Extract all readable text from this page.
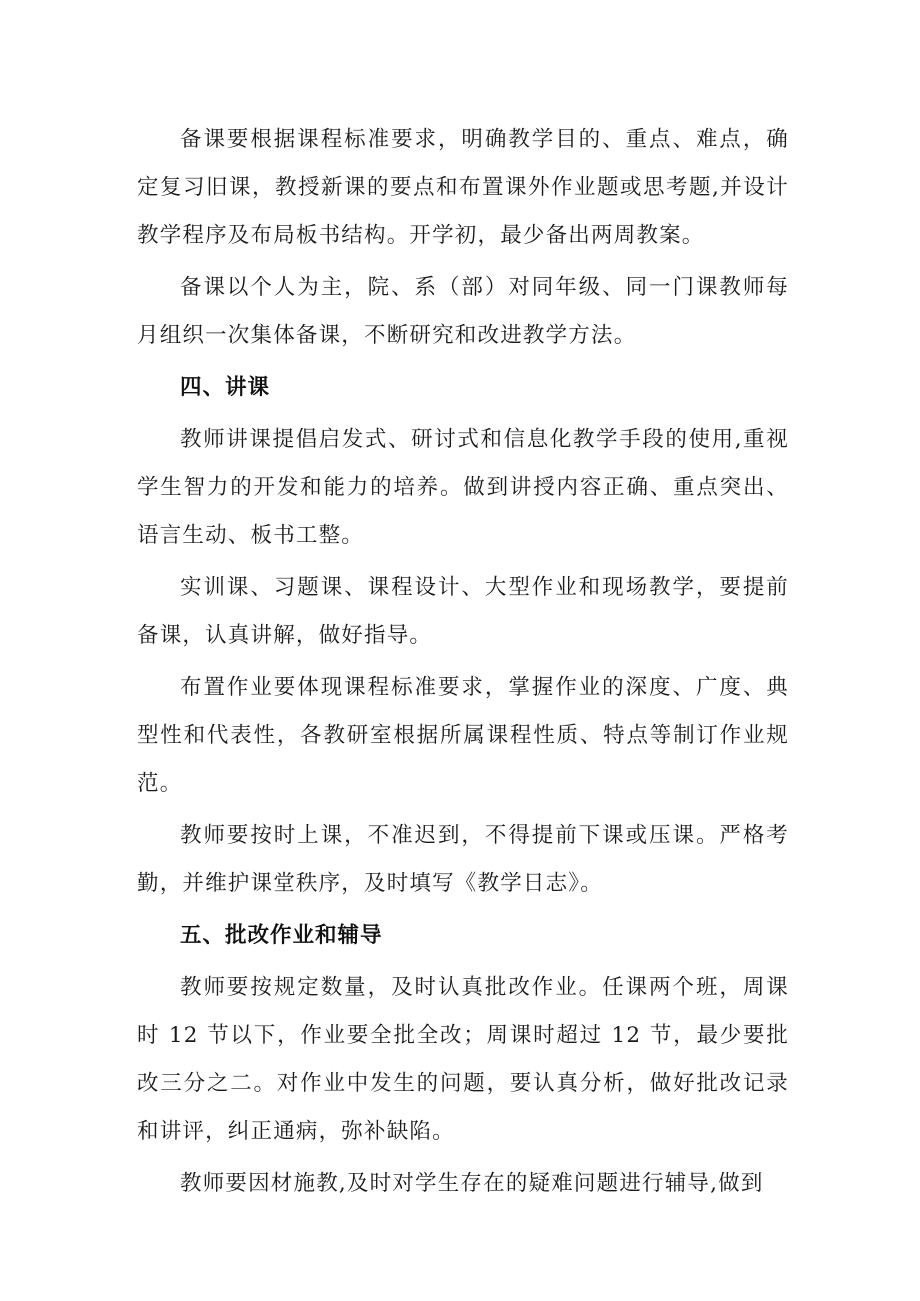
备课要根据课程标准要求，明确教学目的、重点、难点，确定复习旧课，教授新课的要点和布置课外作业题或思考题,并设计教学程序及布局板书结构。开学初，最少备出两周教案。

备课以个人为主，院、系（部）对同年级、同一门课教师每月组织一次集体备课，不断研究和改进教学方法。

四、讲课

教师讲课提倡启发式、研讨式和信息化教学手段的使用,重视学生智力的开发和能力的培养。做到讲授内容正确、重点突出、语言生动、板书工整。

实训课、习题课、课程设计、大型作业和现场教学，要提前备课，认真讲解，做好指导。

布置作业要体现课程标准要求，掌握作业的深度、广度、典型性和代表性，各教研室根据所属课程性质、特点等制订作业规范。

教师要按时上课，不准迟到，不得提前下课或压课。严格考勤，并维护课堂秩序，及时填写《教学日志》。

五、批改作业和辅导

教师要按规定数量，及时认真批改作业。任课两个班，周课时 12 节以下，作业要全批全改；周课时超过 12 节，最少要批改三分之二。对作业中发生的问题，要认真分析，做好批改记录和讲评，纠正通病，弥补缺陷。

教师要因材施教,及时对学生存在的疑难问题进行辅导,做到
